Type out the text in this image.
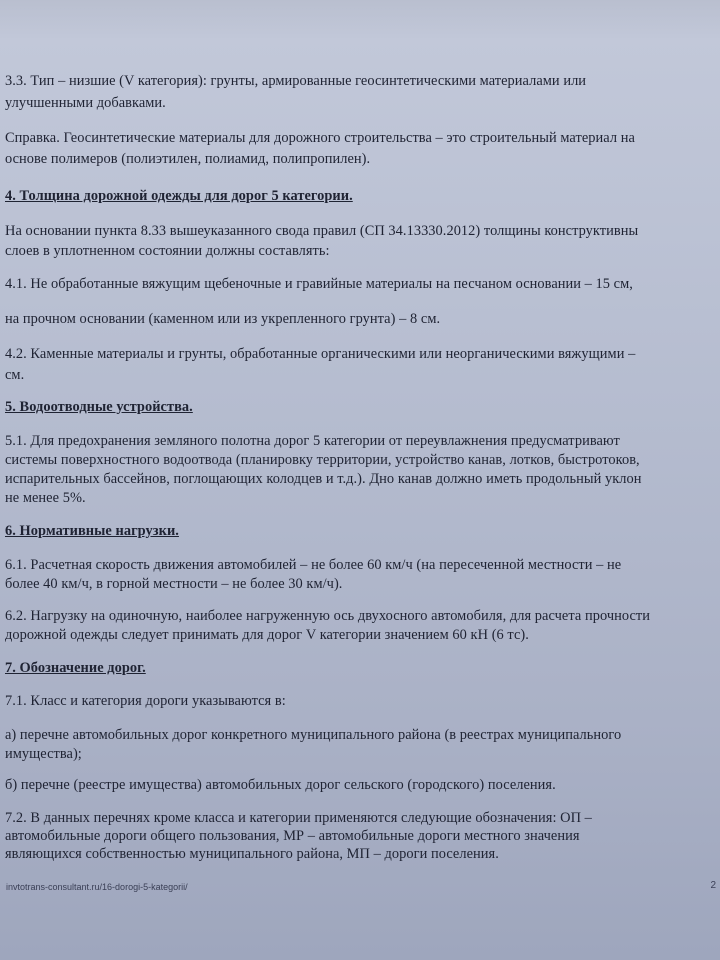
3.3. Тип – низшие (V категория): грунты, армированные геосинтетическими материалами или
улучшенными добавками.
Справка. Геосинтетические материалы для дорожного строительства – это строительный материал на
основе полимеров (полиэтилен, полиамид, полипропилен).
4. Толщина дорожной одежды для дорог 5 категории.
На основании пункта 8.33 вышеуказанного свода правил (СП 34.13330.2012) толщины конструктивны
слоев в уплотненном состоянии должны составлять:
4.1. Не обработанные вяжущим щебеночные и гравийные материалы на песчаном основании – 15 см,
на прочном основании (каменном или из укрепленного грунта) – 8 см.
4.2. Каменные материалы и грунты, обработанные органическими или неорганическими вяжущими –
см.
5. Водоотводные устройства.
5.1. Для предохранения земляного полотна дорог 5 категории от переувлажнения предусматривают
системы поверхностного водоотвода (планировку территории, устройство канав, лотков, быстротоков,
испарительных бассейнов, поглощающих колодцев и т.д.). Дно канав должно иметь продольный уклон
не менее 5%.
6. Нормативные нагрузки.
6.1. Расчетная скорость движения автомобилей – не более 60 км/ч (на пересеченной местности – не
более 40 км/ч, в горной местности – не более 30 км/ч).
6.2. Нагрузку на одиночную, наиболее нагруженную ось двухосного автомобиля, для расчета прочности
дорожной одежды следует принимать для дорог V категории значением 60 кН (6 тс).
7. Обозначение дорог.
7.1. Класс и категория дороги указываются в:
а) перечне автомобильных дорог конкретного муниципального района (в реестрах муниципального
имущества);
б) перечне (реестре имущества) автомобильных дорог сельского (городского) поселения.
7.2. В данных перечнях кроме класса и категории применяются следующие обозначения: ОП –
автомобильные дороги общего пользования, МР – автомобильные дороги местного значения
являющихся собственностью муниципального района, МП – дороги поселения.
invtotrans-consultant.ru/16-dorogi-5-kategorii/	2
